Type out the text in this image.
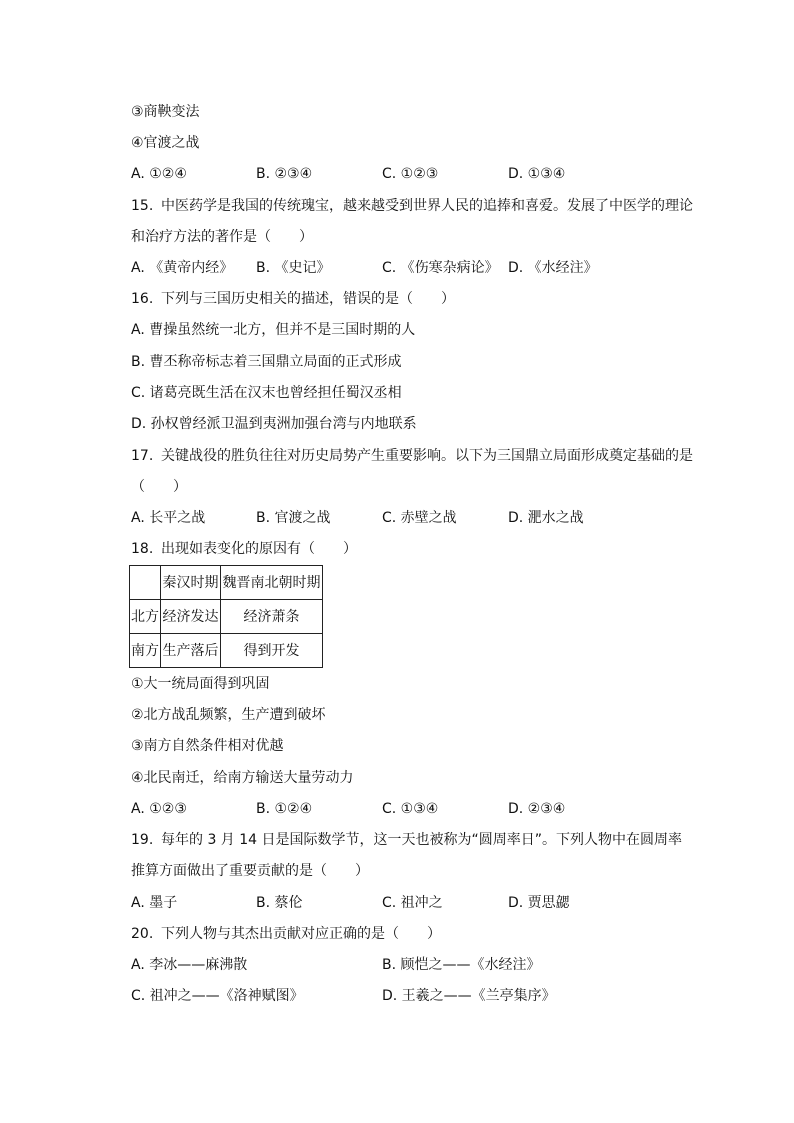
③商鞅变法
④官渡之战
A. ①②④	B. ②③④	C. ①②③	D. ①③④
15. 中医药学是我国的传统瑰宝，越来越受到世界人民的追捧和喜爱。发展了中医学的理论
和治疗方法的著作是（　　）
A. 《黄帝内经》 B. 《史记》	C. 《伤寒杂病论》 D. 《水经注》
16. 下列与三国历史相关的描述，错误的是（　　）
A. 曹操虽然统一北方，但并不是三国时期的人
B. 曹丕称帝标志着三国鼎立局面的正式形成
C. 诸葛亮既生活在汉末也曾经担任蜀汉丞相
D. 孙权曾经派卫温到夷洲加强台湾与内地联系
17. 关键战役的胜负往往对历史局势产生重要影响。以下为三国鼎立局面形成奠定基础的是
（　　）
A. 长平之战	B. 官渡之战	C. 赤壁之战	D. 淝水之战
18. 出现如表变化的原因有（　　）
	秦汉时期	魏晋南北朝时期
北方	经济发达	经济萧条
南方	生产落后	得到开发
①大一统局面得到巩固
②北方战乱频繁，生产遭到破坏
③南方自然条件相对优越
④北民南迁，给南方输送大量劳动力
A. ①②③	B. ①②④	C. ①③④	D. ②③④
19. 每年的 3 月 14 日是国际数学节，这一天也被称为“圆周率日”。下列人物中在圆周率
推算方面做出了重要贡献的是（　　）
A. 墨子	B. 蔡伦	C. 祖冲之	D. 贾思勰
20. 下列人物与其杰出贡献对应正确的是（　　）
A. 李冰——麻沸散	B. 顾恺之——《水经注》
C. 祖冲之——《洛神赋图》	D. 王羲之——《兰亭集序》
